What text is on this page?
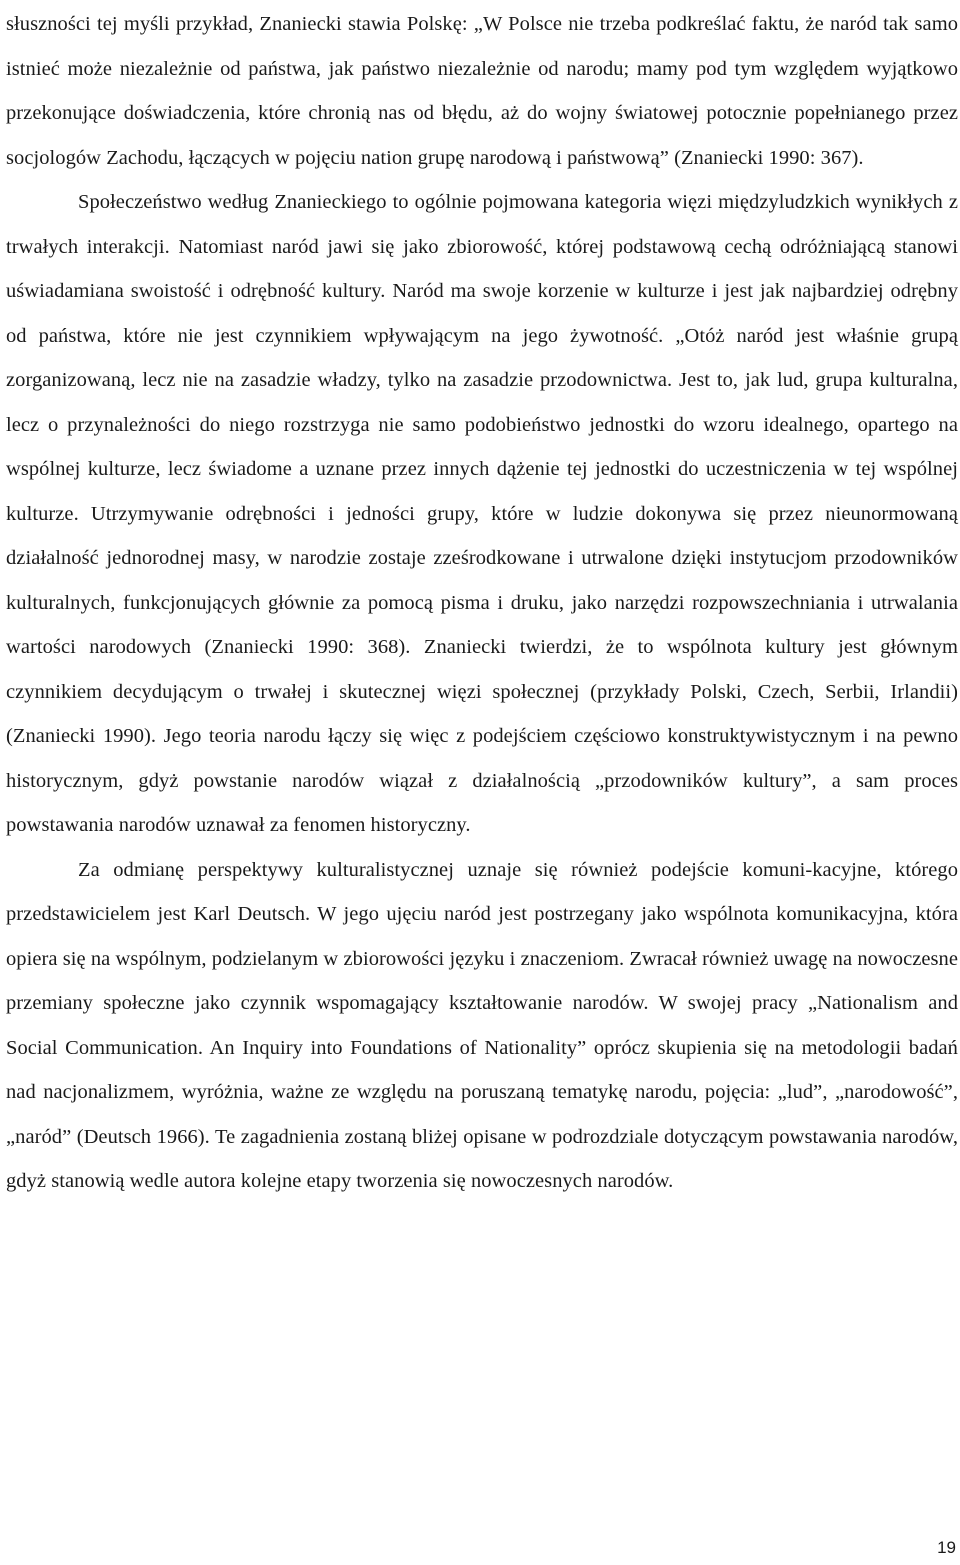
słuszności tej myśli przykład, Znaniecki stawia Polskę: „W Polsce nie trzeba podkreślać faktu, że naród tak samo istnieć może niezależnie od państwa, jak państwo niezależnie od narodu; mamy pod tym względem wyjątkowo przekonujące doświadczenia, które chronią nas od błędu, aż do wojny światowej potocznie popełnianego przez socjologów Zachodu, łączących w pojęciu nation grupę narodową i państwową” (Znaniecki 1990: 367).

Społeczeństwo według Znanieckiego to ogólnie pojmowana kategoria więzi międzyludzkich wynikłych z trwałych interakcji. Natomiast naród jawi się jako zbiorowość, której podstawową cechą odróżniającą stanowi uświadamiana swoistość i odrębność kultury. Naród ma swoje korzenie w kulturze i jest jak najbardziej odrębny od państwa, które nie jest czynnikiem wpływającym na jego żywotność. „Otóż naród jest właśnie grupą zorganizowaną, lecz nie na zasadzie władzy, tylko na zasadzie przodownictwa. Jest to, jak lud, grupa kulturalna, lecz o przynależności do niego rozstrzyga nie samo podobieństwo jednostki do wzoru idealnego, opartego na wspólnej kulturze, lecz świadome a uznane przez innych dążenie tej jednostki do uczestniczenia w tej wspólnej kulturze. Utrzymywanie odrębności i jedności grupy, które w ludzie dokonywa się przez nieunormowaną działalność jednorodnej masy, w narodzie zostaje zześrodkowane i utrwalone dzięki instytucjom przodowników kulturalnych, funkcjonujących głównie za pomocą pisma i druku, jako narzędzi rozpowszechniania i utrwalania wartości narodowych (Znaniecki 1990: 368). Znaniecki twierdzi, że to wspólnota kultury jest głównym czynnikiem decydującym o trwałej i skutecznej więzi społecznej (przykłady Polski, Czech, Serbii, Irlandii) (Znaniecki 1990). Jego teoria narodu łączy się więc z podejściem częściowo konstruktywistycznym i na pewno historycznym, gdyż powstanie narodów wiązał z działalnością „przodowników kultury”, a sam proces powstawania narodów uznawał za fenomen historyczny.

Za odmianę perspektywy kulturalistycznej uznaje się również podejście komuni-kacyjne, którego przedstawicielem jest Karl Deutsch. W jego ujęciu naród jest postrzegany jako wspólnota komunikacyjna, która opiera się na wspólnym, podzielanym w zbiorowości języku i znaczeniom. Zwracał również uwagę na nowoczesne przemiany społeczne jako czynnik wspomagający kształtowanie narodów. W swojej pracy „Nationalism and Social Communication. An Inquiry into Foundations of Nationality” oprócz skupienia się na metodologii badań nad nacjonalizmem, wyróżnia, ważne ze względu na poruszaną tematykę narodu, pojęcia: „lud”, „narodowość”, „naród” (Deutsch 1966). Te zagadnienia zostaną bliżej opisane w podrozdziale dotyczącym powstawania narodów, gdyż stanowią wedle autora kolejne etapy tworzenia się nowoczesnych narodów.

19
